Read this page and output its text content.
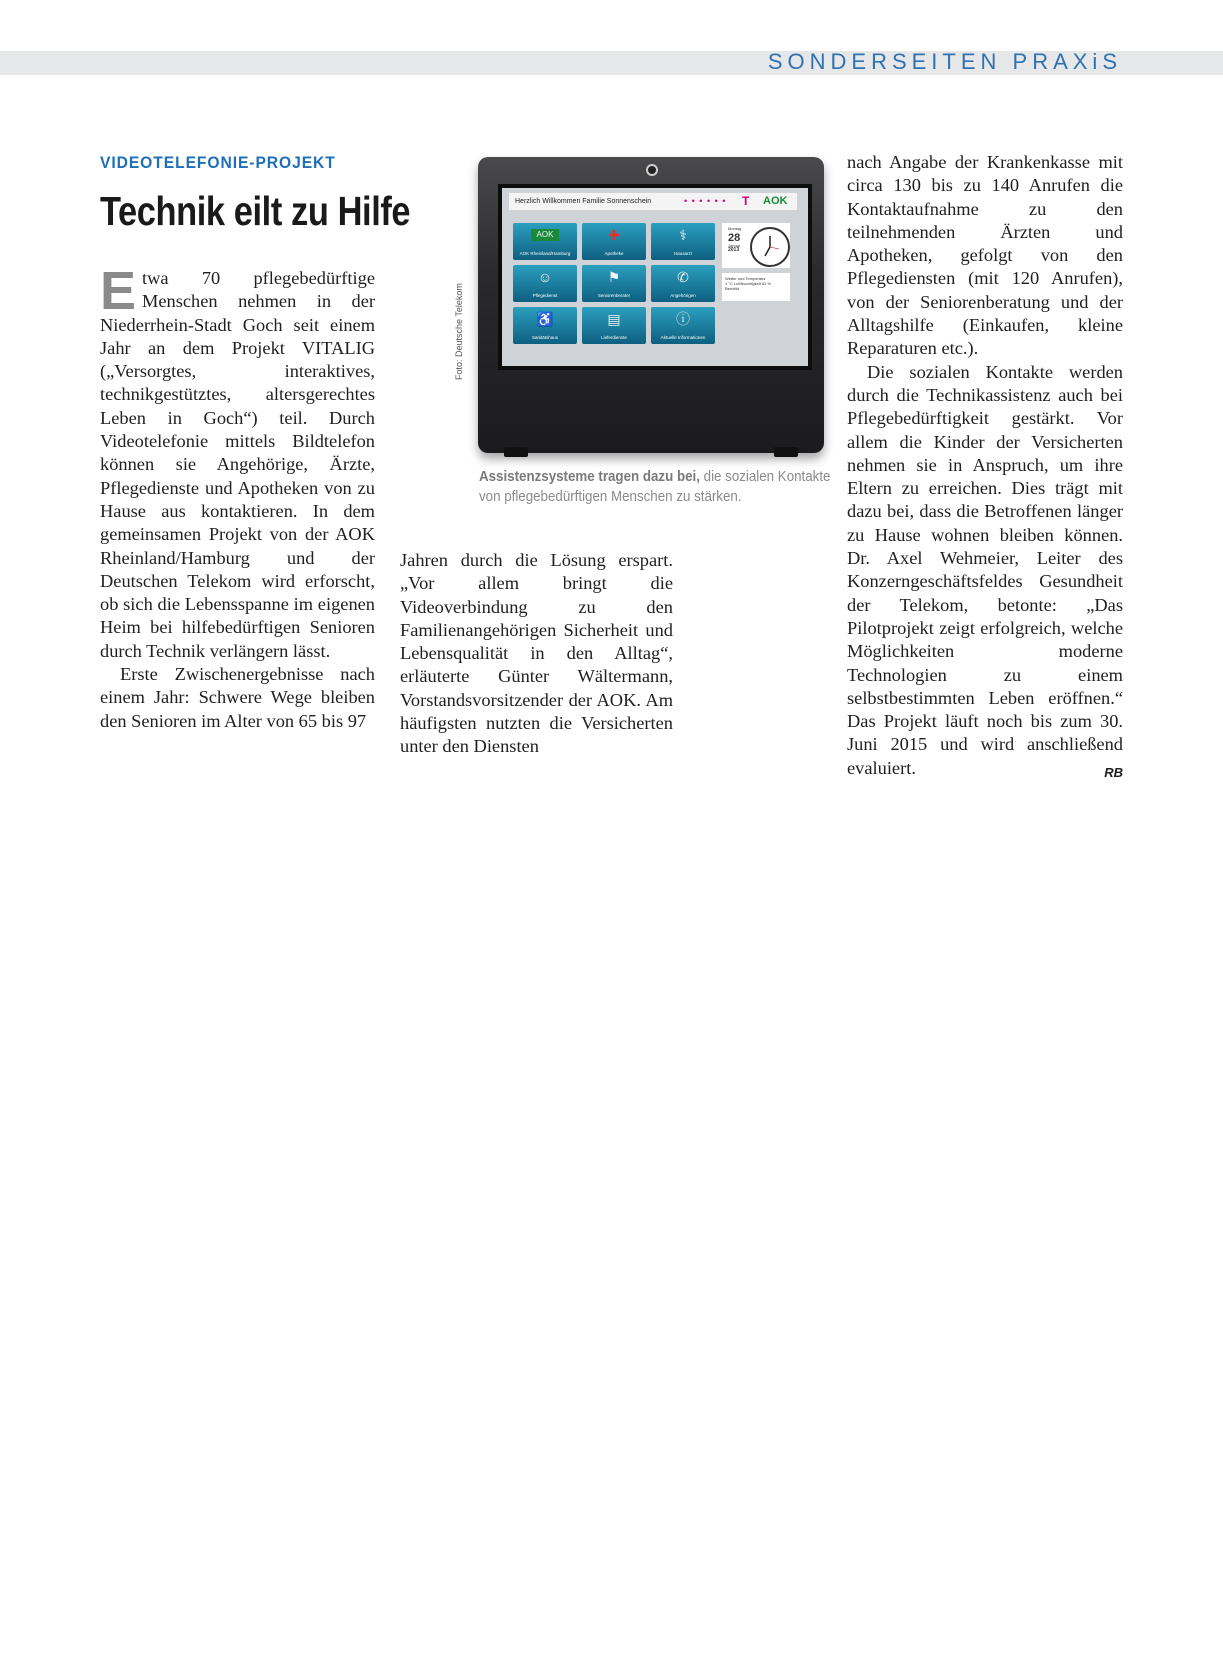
SONDERSEITEN PRAXiS
VIDEOTELEFONIE-PROJEKT
Technik eilt zu Hilfe

Etwa 70 pflegebedürftige Menschen nehmen in der Niederrhein-Stadt Goch seit einem Jahr an dem Projekt VITALIG („Versorgtes, interaktives, technikgestütztes, altersgerechtes Leben in Goch“) teil. Durch Videotelefonie mittels Bildtelefon können sie Angehörige, Ärzte, Pflegedienste und Apotheken von zu Hause aus kontaktieren. In dem gemeinsamen Projekt von der AOK Rheinland/Hamburg und der Deutschen Telekom wird erforscht, ob sich die Lebensspanne im eigenen Heim bei hilfebedürftigen Senioren durch Technik verlängern lässt.

Erste Zwischenergebnisse nach einem Jahr: Schwere Wege bleiben den Senioren im Alter von 65 bis 97

Herzlich Willkommen Familie Sonnenschein	• • • • • • T AOK
AOK
AOK Rheinland/Hamburg
✚
Apotheke
⚕
Hausarzt
☺
Pflegedienst
⚑
Seniorenberater
✆
Angehörigen
♿
Sanitätshaus
▤
Lieferdienste
ⓘ
Aktuelle Informationen
Montag
28
Januar
2013
Wetter und Temperatur
1 °C Luftfeuchtigkeit 81 %
Bewölkt
Foto: Deutsche Telekom
Assistenzsysteme tragen dazu bei, die sozialen Kontakte von pflegebedürftigen Menschen zu stärken.

Jahren durch die Lösung erspart. „Vor allem bringt die Videoverbindung zu den Familienangehörigen Sicherheit und Lebensqualität in den Alltag“, erläuterte Günter Wältermann, Vorstandsvorsitzender der AOK. Am häufigsten nutzten die Versicherten unter den Diensten

nach Angabe der Krankenkasse mit circa 130 bis zu 140 Anrufen die Kontaktaufnahme zu den teilnehmenden Ärzten und Apotheken, gefolgt von den Pflegediensten (mit 120 Anrufen), von der Seniorenberatung und der Alltagshilfe (Einkaufen, kleine Reparaturen etc.).

Die sozialen Kontakte werden durch die Technikassistenz auch bei Pflegebedürftigkeit gestärkt. Vor allem die Kinder der Versicherten nehmen sie in Anspruch, um ihre Eltern zu erreichen. Dies trägt mit dazu bei, dass die Betroffenen länger zu Hause wohnen bleiben können. Dr. Axel Wehmeier, Leiter des Konzerngeschäftsfeldes Gesundheit der Telekom, betonte: „Das Pilotprojekt zeigt erfolgreich, welche Möglichkeiten moderne Technologien zu einem selbstbestimmten Leben eröffnen.“ Das Projekt läuft noch bis zum 30. Juni 2015 und wird anschließend evaluiert.	RB
